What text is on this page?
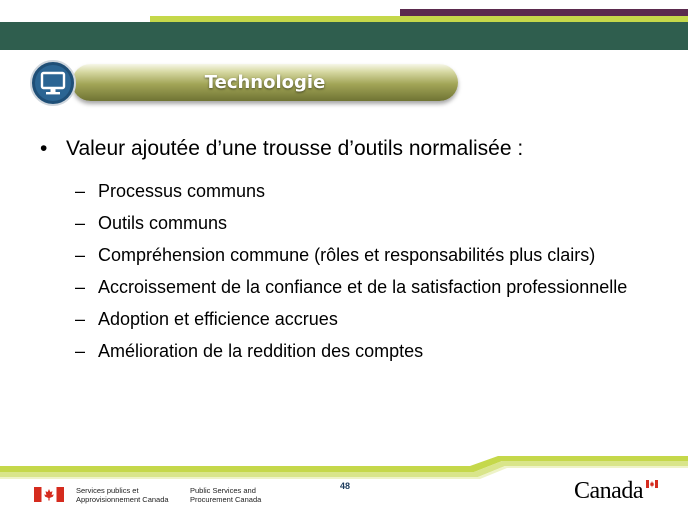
Technologie
• Valeur ajoutée d’une trousse d’outils normalisée :
– Processus communs
– Outils communs
– Compréhension commune (rôles et responsabilités plus clairs)
– Accroissement de la confiance et de la satisfaction professionnelle
– Adoption et efficience accrues
– Amélioration de la reddition des comptes
48
Services publics et
Approvisionnement Canada
Public Services and
Procurement Canada	Canada
